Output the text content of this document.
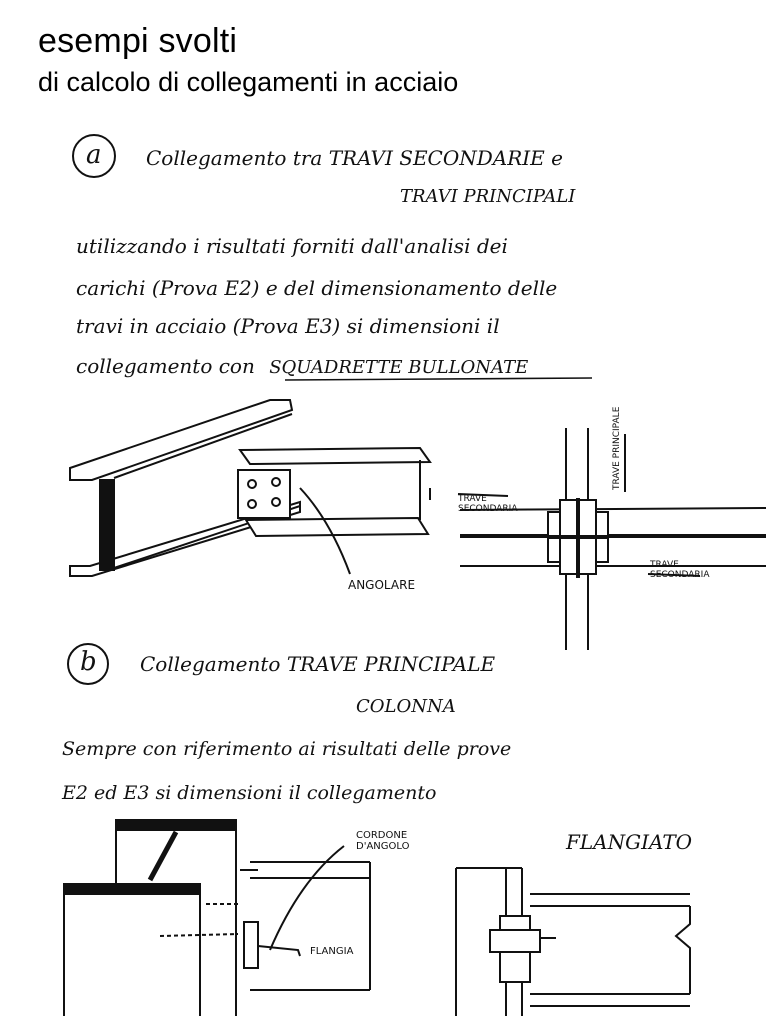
esempi svolti
di calcolo di collegamenti in acciaio
a Collegamento tra TRAVI SECONDARIE e
TRAVI PRINCIPALI
utilizzando i risultati forniti dall'analisi dei
carichi (Prova E2) e del dimensionamento delle
travi in acciaio (Prova E3) si dimensioni il
collegamento con SQUADRETTE BULLONATE
ANGOLARE
TRAVE PRINCIPALE
TRAVE SECONDARIA
TRAVE SECONDARIA
b Collegamento TRAVE PRINCIPALE
COLONNA
Sempre con riferimento ai risultati delle prove
E2 ed E3 si dimensioni il collegamento
FLANGIATO
CORDONE D'ANGOLO
FLANGIA
